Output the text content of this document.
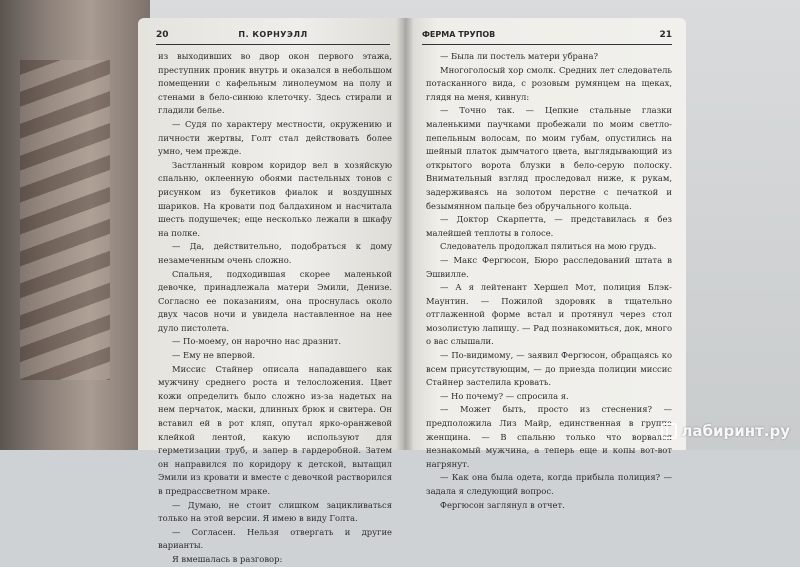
20	П. КОРНУЭЛЛ

из выходивших во двор окон первого этажа, преступник проник внутрь и оказался в небольшом помещении с кафельным линолеумом на полу и стенами в бело-синюю клеточку. Здесь стирали и гладили белье.

— Судя по характеру местности, окружению и личности жертвы, Голт стал действовать более умно, чем прежде.

Застланный ковром коридор вел в хозяйскую спальню, оклеенную обоями пастельных тонов с рисунком из букетиков фиалок и воздушных шариков. На кровати под балдахином и насчитала шесть подушечек; еще несколько лежали в шкафу на полке.

— Да, действительно, подобраться к дому незамеченным очень сложно.

Спальня, подходившая скорее маленькой девочке, принадлежала матери Эмили, Денизе. Согласно ее показаниям, она проснулась около двух часов ночи и увидела наставленное на нее дуло пистолета.

— По-моему, он нарочно нас дразнит.

— Ему не впервой.

Миссис Стайнер описала нападавшего как мужчину среднего роста и телосложения. Цвет кожи определить было сложно из-за надетых на нем перчаток, маски, длинных брюк и свитера. Он вставил ей в рот кляп, опутал ярко-оранжевой клейкой лентой, какую используют для герметизации труб, и запер в гардеробной. Затем он направился по коридору к детской, вытащил Эмили из кровати и вместе с девочкой растворился в предрассветном мраке.

— Думаю, не стоит слишком зацикливаться только на этой версии. Я имею в виду Голта.

— Согласен. Нельзя отвергать и другие варианты.

Я вмешалась в разговор:

ФЕРМА ТРУПОВ	21

— Была ли постель матери убрана?

Многоголосый хор смолк. Средних лет следователь потасканного вида, с розовым румянцем на щеках, глядя на меня, кивнул:

— Точно так. — Цепкие стальные глазки маленькими паучками пробежали по моим светло-пепельным волосам, по моим губам, опустились на шейный платок дымчатого цвета, выглядывающий из открытого ворота блузки в бело-серую полоску. Внимательный взгляд проследовал ниже, к рукам, задерживаясь на золотом перстне с печаткой и безымянном пальце без обручального кольца.

— Доктор Скарпетта, — представилась я без малейшей теплоты в голосе.

Следователь продолжал пялиться на мою грудь.

— Макс Фергюсон, Бюро расследований штата в Эшвилле.

— А я лейтенант Хершел Мот, полиция Блэк-Маунтин. — Пожилой здоровяк в тщательно отглаженной форме встал и протянул через стол мозолистую лапищу. — Рад познакомиться, док, много о вас слышали.

— По-видимому, — заявил Фергюсон, обращаясь ко всем присутствующим, — до приезда полиции миссис Стайнер застелила кровать.

— Но почему? — спросила я.

— Может быть, просто из стеснения? — предположила Лиз Майр, единственная в группе женщина. — В спальню только что ворвался незнакомый мужчина, а теперь еще и копы вот-вот нагрянут.

— Как она была одета, когда прибыла полиция? — задала я следующий вопрос.

Фергюсон заглянул в отчет.

лабиринт.ру
